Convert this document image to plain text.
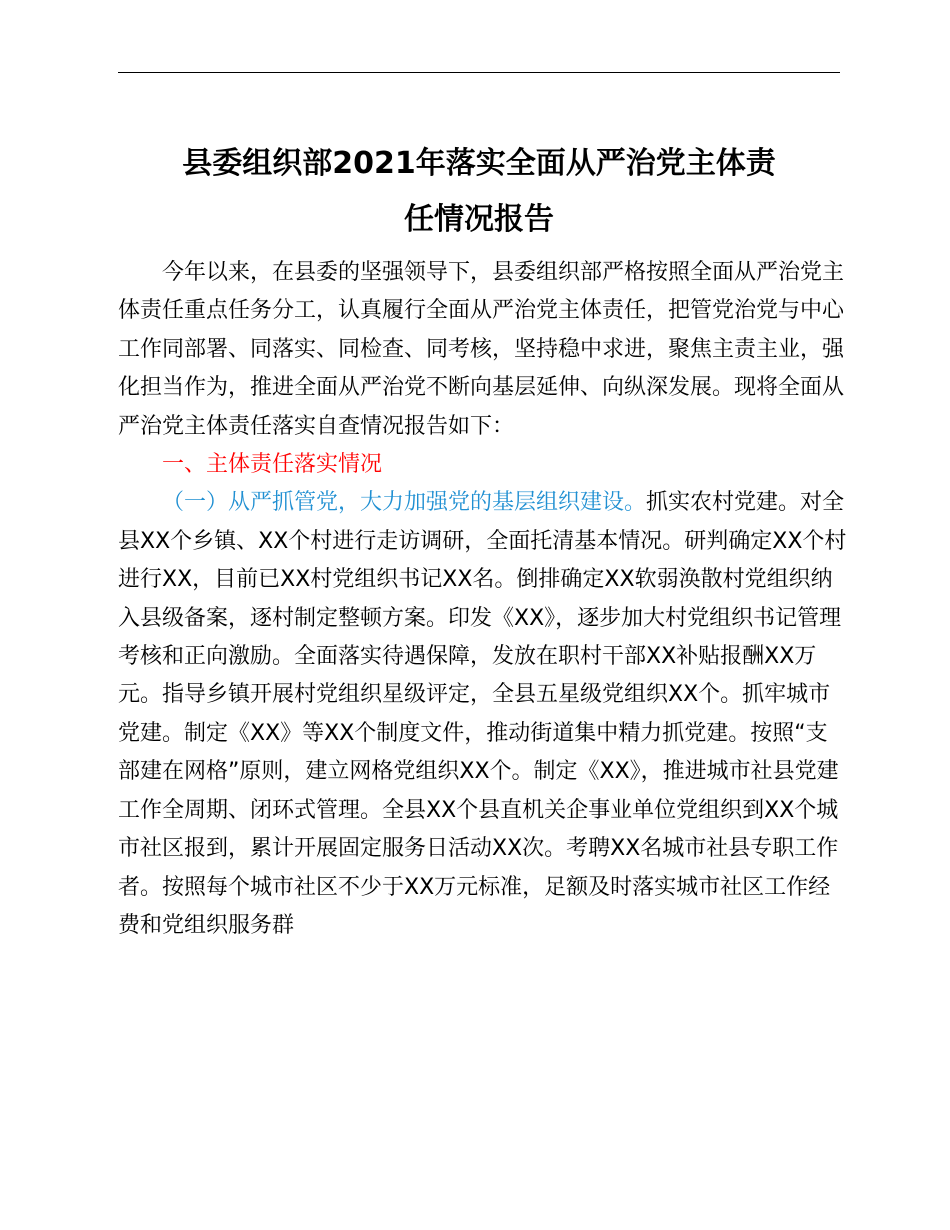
县委组织部2021年落实全面从严治党主体责
任情况报告

今年以来，在县委的坚强领导下，县委组织部严格按照全面从严治党主体责任重点任务分工，认真履行全面从严治党主体责任，把管党治党与中心工作同部署、同落实、同检查、同考核，坚持稳中求进，聚焦主责主业，强化担当作为，推进全面从严治党不断向基层延伸、向纵深发展。现将全面从严治党主体责任落实自查情况报告如下：

一、主体责任落实情况

（一）从严抓管党，大力加强党的基层组织建设。抓实农村党建。对全县XX个乡镇、XX个村进行走访调研，全面托清基本情况。研判确定XX个村进行XX，目前已XX村党组织书记XX名。倒排确定XX软弱涣散村党组织纳入县级备案，逐村制定整顿方案。印发《XX》，逐步加大村党组织书记管理考核和正向激励。全面落实待遇保障，发放在职村干部XX补贴报酬XX万元。指导乡镇开展村党组织星级评定，全县五星级党组织XX个。抓牢城市党建。制定《XX》等XX个制度文件，推动街道集中精力抓党建。按照“支部建在网格”原则，建立网格党组织XX个。制定《XX》，推进城市社县党建工作全周期、闭环式管理。全县XX个县直机关企事业单位党组织到XX个城市社区报到，累计开展固定服务日活动XX次。考聘XX名城市社县专职工作者。按照每个城市社区不少于XX万元标准，足额及时落实城市社区工作经费和党组织服务群
